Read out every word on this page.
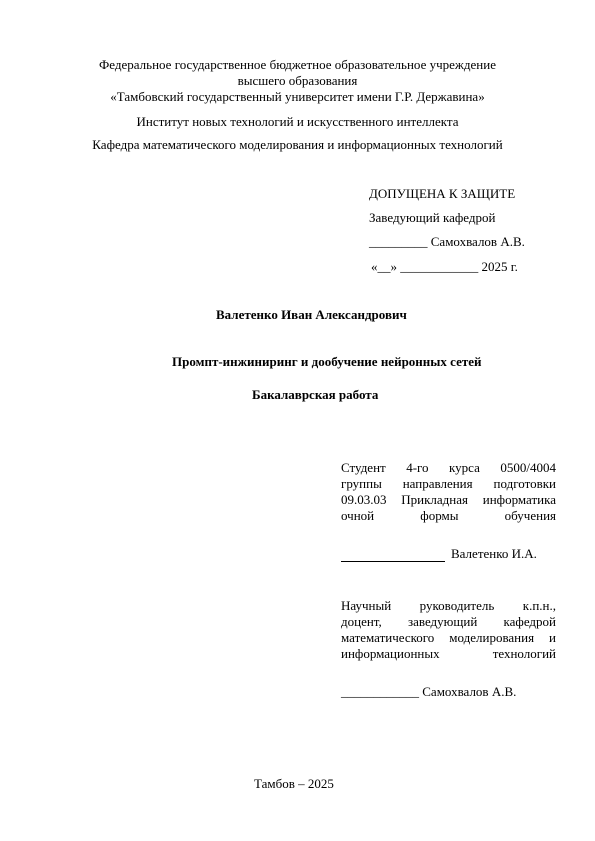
Федеральное государственное бюджетное образовательное учреждение
высшего образования
«Тамбовский государственный университет имени Г.Р. Державина»
Институт новых технологий и искусственного интеллекта
Кафедра математического моделирования и информационных технологий
ДОПУЩЕНА К ЗАЩИТЕ
Заведующий кафедрой
_________ Самохвалов А.В.
«__» ____________ 2025 г.
Валетенко Иван Александрович
Промпт-инжиниринг и дообучение нейронных сетей
Бакалаврская работа
Студент 4-го курса 0500/4004
группы направления подготовки
09.03.03 Прикладная информатика
очной формы обучения
Валетенко И.А.
Научный руководитель к.п.н.,
доцент, заведующий кафедрой
математического моделирования и
информационных технологий
____________ Самохвалов А.В.
Тамбов – 2025
